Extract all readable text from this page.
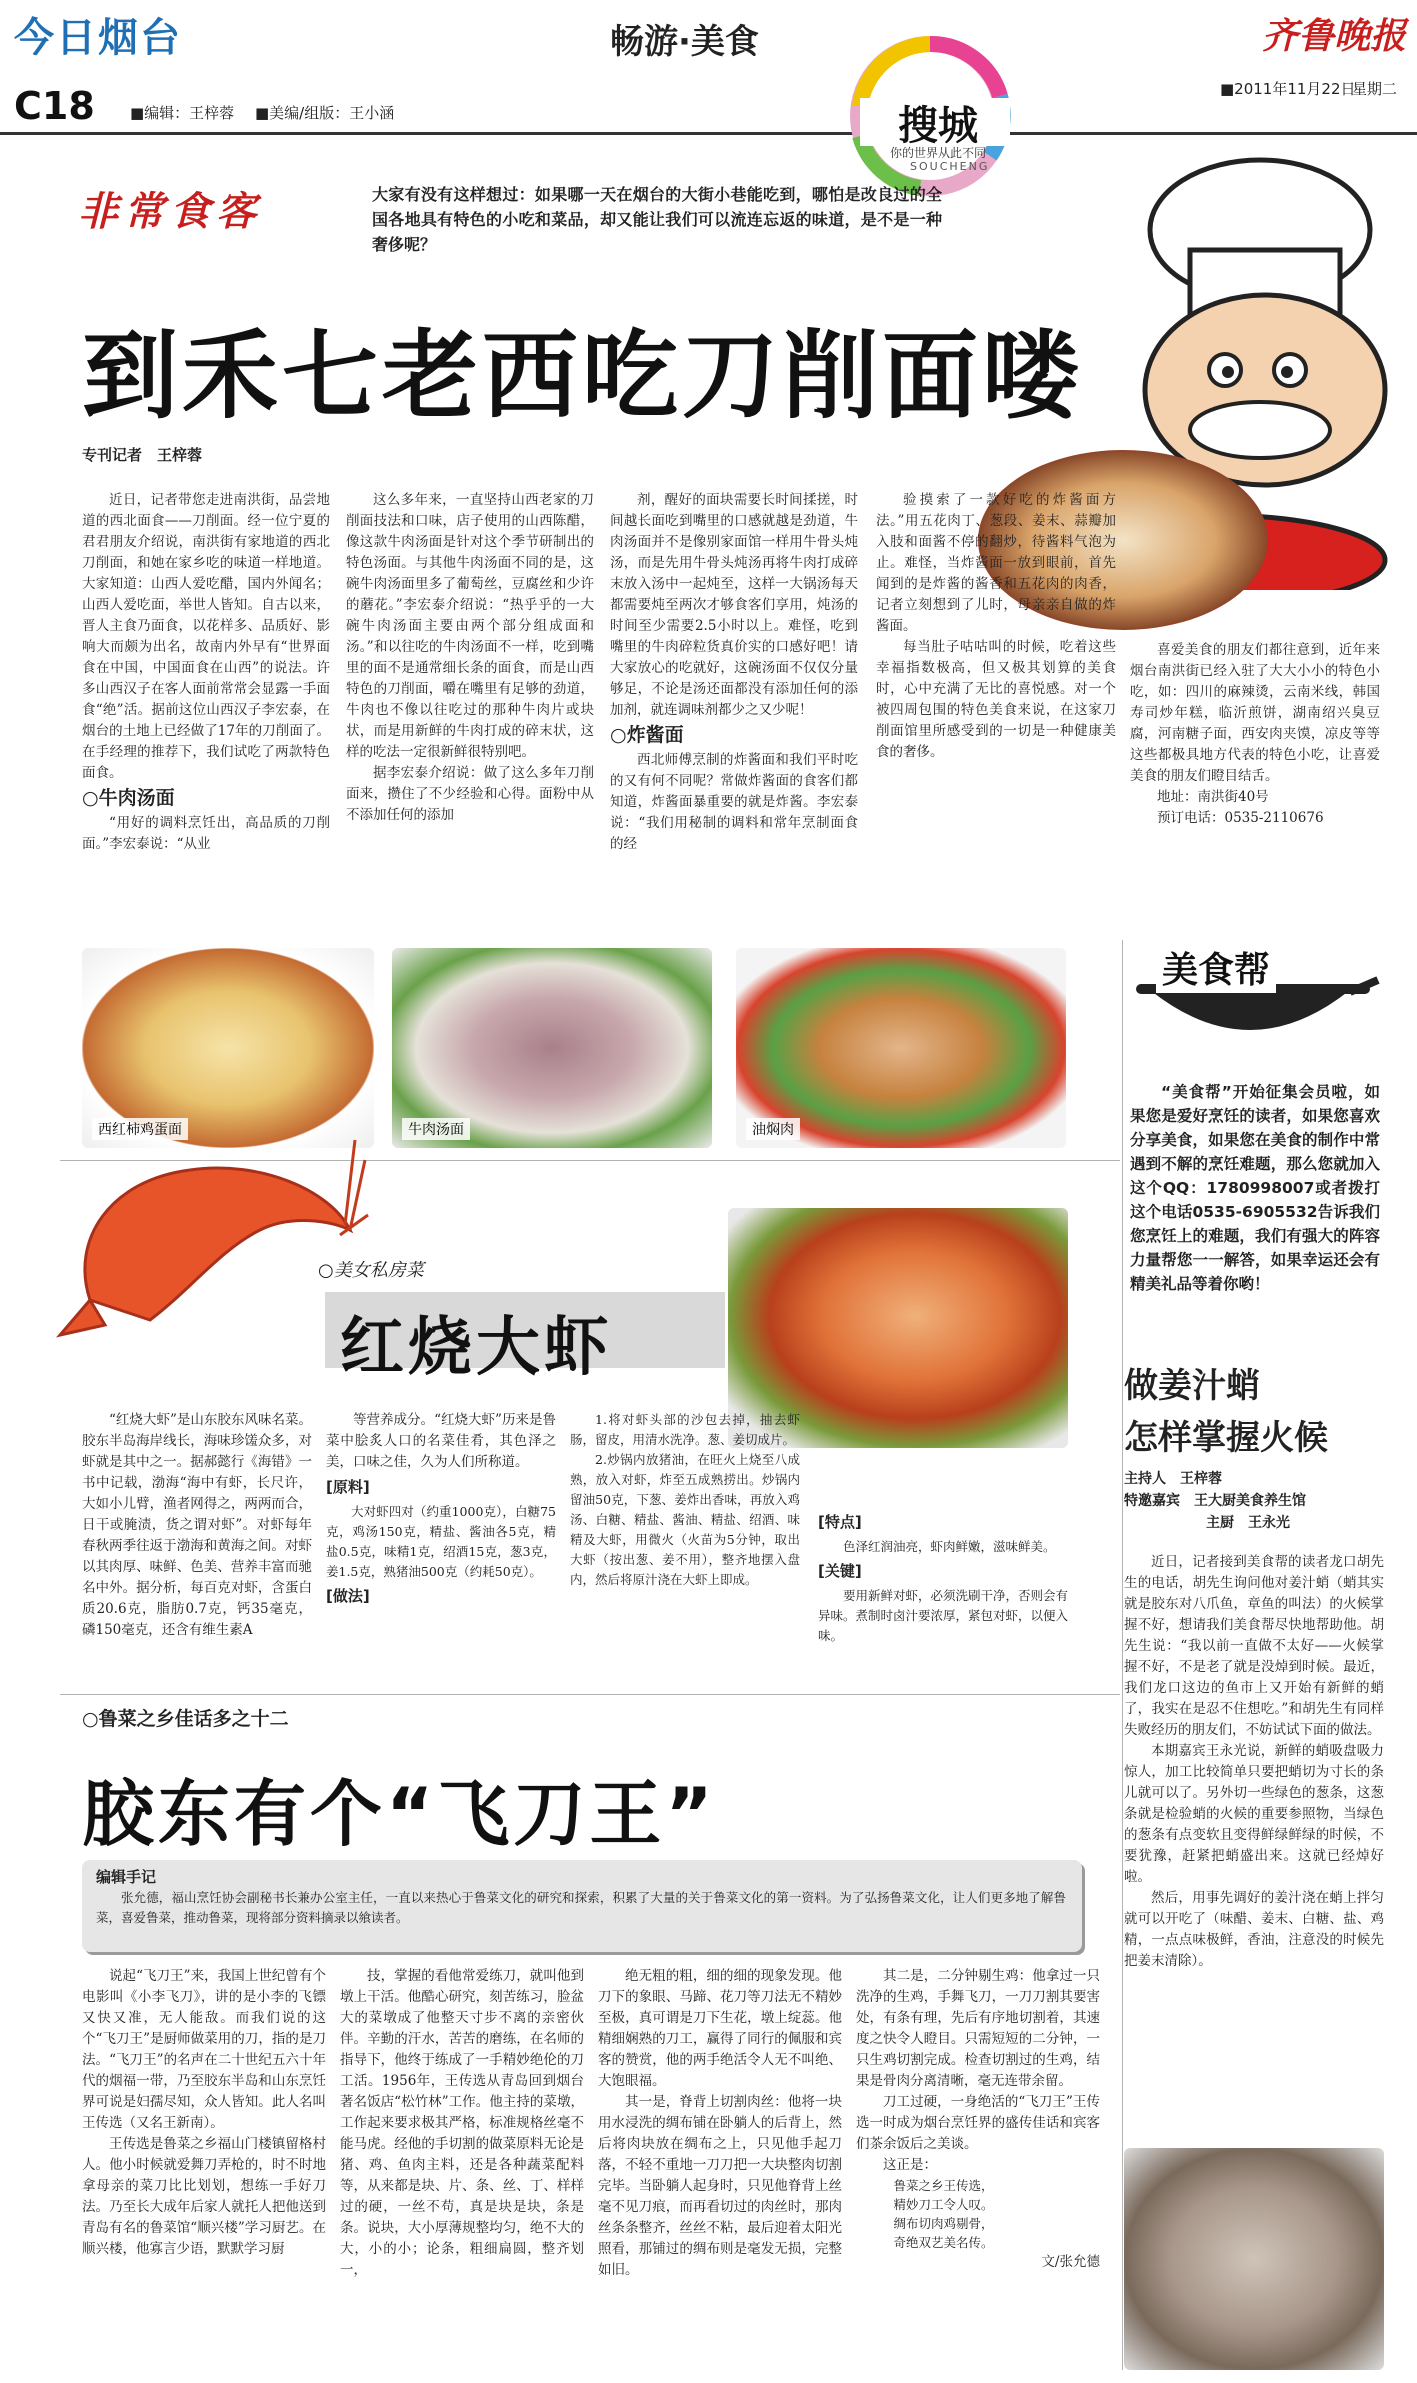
今日烟台	畅游·美食	齐鲁晚报
C18 ■编辑：王梓蓉 ■美编/组版：王小涵
■2011年11月22日
星期二
搜城
你的世界从此不同
SOUCHENG
非常食客	大家有没有这样想过：如果哪一天在烟台的大街小巷能吃到，哪怕是改良过的全国各地具有特色的小吃和菜品，却又能让我们可以流连忘返的味道，是不是一种奢侈呢？
到禾七老西吃刀削面喽
专刊记者　王梓蓉

近日，记者带您走进南洪街，品尝地道的西北面食——刀削面。经一位宁夏的君君朋友介绍说，南洪街有家地道的西北刀削面，和她在家乡吃的味道一样地道。大家知道：山西人爱吃醋，国内外闻名；山西人爱吃面，举世人皆知。自古以来，晋人主食乃面食，以花样多、品质好、影响大而颇为出名，故南内外早有“世界面食在中国，中国面食在山西”的说法。许多山西汉子在客人面前常常会显露一手面食“绝”活。据前这位山西汉子李宏泰，在烟台的土地上已经做了17年的刀削面了。在手经理的推荐下，我们试吃了两款特色面食。

○牛肉汤面

“用好的调料烹饪出，高品质的刀削面。”李宏泰说：“从业

这么多年来，一直坚持山西老家的刀削面技法和口味，店子使用的山西陈醋，像这款牛肉汤面是针对这个季节研制出的特色汤面。与其他牛肉汤面不同的是，这碗牛肉汤面里多了葡萄丝，豆腐丝和少许的蘑花。”李宏泰介绍说：“热乎乎的一大碗牛肉汤面主要由两个部分组成面和汤。”和以往吃的牛肉汤面不一样，吃到嘴里的面不是通常细长条的面食，而是山西特色的刀削面，嚼在嘴里有足够的劲道，牛肉也不像以往吃过的那种牛肉片或块状，而是用新鲜的牛肉打成的碎末状，这样的吃法一定很新鲜很特别吧。

据李宏泰介绍说：做了这么多年刀削面来，攒住了不少经验和心得。面粉中从不添加任何的添加

剂，醒好的面块需要长时间揉搓，时间越长面吃到嘴里的口感就越是劲道，牛肉汤面并不是像别家面馆一样用牛骨头炖汤，而是先用牛骨头炖汤再将牛肉打成碎末放入汤中一起炖至，这样一大锅汤每天都需要炖至两次才够食客们享用，炖汤的时间至少需要2.5小时以上。难怪，吃到嘴里的牛肉碎粒货真价实的口感好吧！请大家放心的吃就好，这碗汤面不仅仅分量够足，不论是汤还面都没有添加任何的添加剂，就连调味剂都少之又少呢！

○炸酱面

西北师傅烹制的炸酱面和我们平时吃的又有何不同呢？常做炸酱面的食客们都知道，炸酱面暴重要的就是炸酱。李宏泰说：“我们用秘制的调料和常年烹制面食的经

验摸索了一款好吃的炸酱面方法。”用五花肉丁、葱段、姜末、蒜瓣加入肢和面酱不停的翻炒，待酱料气泡为止。难怪，当炸酱面一放到眼前，首先闻到的是炸酱的酱香和五花肉的肉香，记者立刻想到了儿时，母亲亲自做的炸酱面。

每当肚子咕咕叫的时候，吃着这些幸福指数极高，但又极其划算的美食时，心中充满了无比的喜悦感。对一个被四周包围的特色美食来说，在这家刀削面馆里所感受到的一切是一种健康美食的奢侈。

喜爱美食的朋友们都往意到，近年来烟台南洪街已经入驻了大大小小的特色小吃，如：四川的麻辣烫，云南米线，韩国寿司炒年糕，临沂煎饼，湖南绍兴臭豆腐，河南糖子面，西安肉夹馍，凉皮等等这些都极具地方代表的特色小吃，让喜爱美食的朋友们瞪目结舌。

地址：南洪街40号
预订电话：0535-2110676
西红柿鸡蛋面	牛肉汤面	油焖肉
○美女私房菜
红烧大虾

“红烧大虾”是山东胶东风味名菜。胶东半岛海岸线长，海味珍馐众多，对虾就是其中之一。据郝懿行《海错》一书中记载，渤海“海中有虾，长尺许，大如小儿臂，渔者网得之，两两而合，日干或腌渍，货之谓对虾”。对虾每年春秋两季往返于渤海和黄海之间。对虾以其肉厚、味鲜、色美、营养丰富而驰名中外。据分析，每百克对虾，含蛋白质20.6克，脂肪0.7克，钙35毫克，磷150毫克，还含有维生素A

等营养成分。“红烧大虾”历来是鲁菜中脍炙人口的名菜佳肴，其色泽之美，口味之佳，久为人们所称道。

[原料]

大对虾四对（约重1000克），白糖75克，鸡汤150克，精盐、酱油各5克，精盐0.5克，味精1克，绍酒15克，葱3克，姜1.5克，熟猪油500克（约耗50克）。

[做法]

1.将对虾头部的沙包去掉，抽去虾肠，留皮，用清水洗净。葱、姜切成片。

2.炒锅内放猪油，在旺火上烧至八成熟，放入对虾，炸至五成熟捞出。炒锅内留油50克，下葱、姜炸出香味，再放入鸡汤、白糖、精盐、酱油、精盐、绍酒、味精及大虾，用微火（火苗为5分钟，取出大虾（按出葱、姜不用），整齐地摆入盘内，然后将原汁浇在大虾上即成。

[特点]

色泽红润油亮，虾肉鲜嫩，滋味鲜美。

[关键]

要用新鲜对虾，必须洗刷干净，否则会有异味。煮制时卤汁要浓厚，紧包对虾，以便入味。

○鲁菜之乡佳话多之十二
胶东有个“飞刀王”
编辑手记
张允德，福山烹饪协会副秘书长兼办公室主任，一直以来热心于鲁菜文化的研究和探索，积累了大量的关于鲁菜文化的第一资料。为了弘扬鲁菜文化，让人们更多地了解鲁菜，喜爱鲁菜，推动鲁菜，现将部分资料摘录以飨读者。

说起“飞刀王”来，我国上世纪曾有个电影叫《小李飞刀》，讲的是小李的飞镖又快又准，无人能敌。而我们说的这个“飞刀王”是厨师做菜用的刀，指的是刀法。“飞刀王”的名声在二十世纪五六十年代的烟福一带，乃至胶东半岛和山东烹饪界可说是妇孺尽知，众人皆知。此人名叫王传选（又名王新南）。

王传选是鲁菜之乡福山门楼镇留格村人。他小时候就爱舞刀弄枪的，时不时地拿母亲的菜刀比比划划，想练一手好刀法。乃至长大成年后家人就托人把他送到青岛有名的鲁菜馆“顺兴楼”学习厨艺。在顺兴楼，他寡言少语，默默学习厨

技，掌握的看他常爱练刀，就叫他到墩上干活。他酷心研究，刻苦练习，脸盆大的菜墩成了他整天寸步不离的亲密伙伴。辛勤的汗水，苦苦的磨练，在名师的指导下，他终于练成了一手精妙绝伦的刀工活。1956年，王传选从青岛回到烟台著名饭店“松竹林”工作。他主持的菜墩，工作起来要求极其严格，标准规格丝毫不能马虎。经他的手切割的做菜原料无论是猪、鸡、鱼肉主料，还是各种蔬菜配料等，从来都是块、片、条、丝、丁、样样过的硬，一丝不苟，真是块是块，条是条。说块，大小厚薄规整均匀，绝不大的大，小的小；论条，粗细扁圆，整齐划一，

绝无粗的粗，细的细的现象发现。他刀下的象眼、马蹄、花刀等刀法无不精妙至极，真可谓是刀下生花，墩上绽蕊。他精细娴熟的刀工，赢得了同行的佩服和宾客的赞赏，他的两手绝活令人无不叫绝、大饱眼福。

其一是，脊背上切割肉丝：他将一块用水浸洗的绸布铺在卧躺人的后背上，然后将肉块放在绸布之上，只见他手起刀落，不轻不重地一刀刀把一大块整肉切割完毕。当卧躺人起身时，只见他脊背上丝毫不见刀痕，而再看切过的肉丝时，那肉丝条条整齐，丝丝不粘，最后迎着太阳光照看，那铺过的绸布则是毫发无损，完整如旧。

其二是，二分钟剔生鸡：他拿过一只洗净的生鸡，手舞飞刀，一刀刀割其要害处，有条有理，先后有序地切割着，其速度之快令人瞪目。只需短短的二分钟，一只生鸡切割完成。检查切割过的生鸡，结果是骨肉分离清晰，毫无连带余留。

刀工过硬，一身绝活的“飞刀王”王传选一时成为烟台烹饪界的盛传佳话和宾客们茶余饭后之美谈。

这正是：

鲁菜之乡王传选，
精妙刀工令人叹。
绸布切肉鸡剔骨，
奇绝双艺美名传。
文/张允德
美食帮
“美食帮”开始征集会员啦，如果您是爱好烹饪的读者，如果您喜欢分享美食，如果您在美食的制作中常遇到不解的烹饪难题，那么您就加入这个QQ：1780998007或者拨打这个电话0535-6905532告诉我们您烹饪上的难题，我们有强大的阵容力量帮您一一解答，如果幸运还会有精美礼品等着你哟！
做姜汁蛸
怎样掌握火候
主持人　王梓蓉
特邀嘉宾　王大厨美食养生馆
主厨　王永光

近日，记者接到美食帮的读者龙口胡先生的电话，胡先生询问他对姜汁蛸（蛸其实就是胶东对八爪鱼，章鱼的叫法）的火候掌握不好，想请我们美食帮尽快地帮助他。胡先生说：“我以前一直做不太好——火候掌握不好，不是老了就是没焯到时候。最近，我们龙口这边的鱼市上又开始有新鲜的蛸了，我实在是忍不住想吃。”和胡先生有同样失败经历的朋友们，不妨试试下面的做法。

本期嘉宾王永光说，新鲜的蛸吸盘吸力惊人，加工比较简单只要把蛸切为寸长的条儿就可以了。另外切一些绿色的葱条，这葱条就是检验蛸的火候的重要参照物，当绿色的葱条有点变软且变得鲜绿鲜绿的时候，不要犹豫，赶紧把蛸盛出来。这就已经焯好啦。

然后，用事先调好的姜汁浇在蛸上拌匀就可以开吃了（味醋、姜末、白糖、盐、鸡精，一点点味极鲜，香油，注意没的时候先把姜末清除）。
